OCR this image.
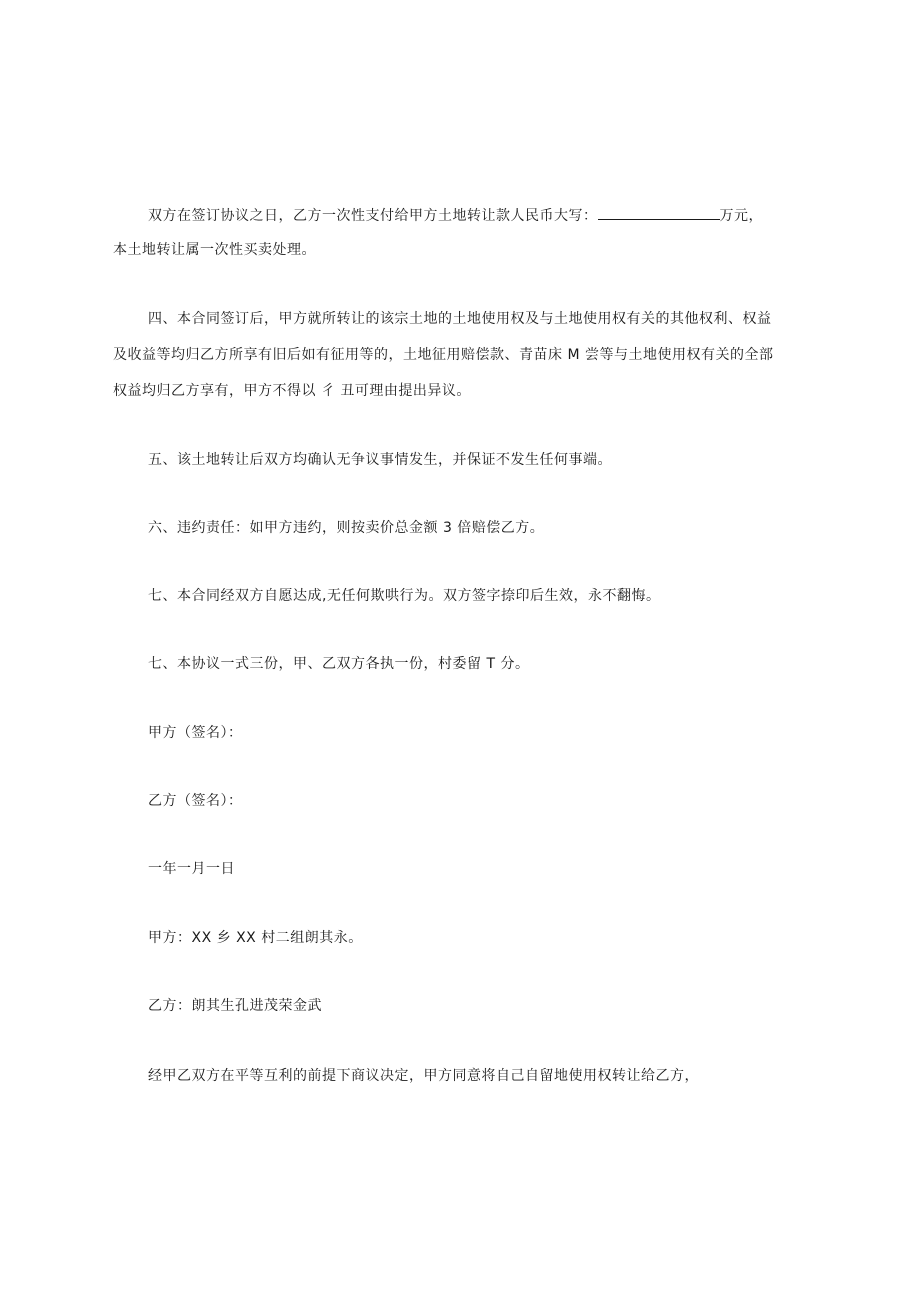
双方在签订协议之日，乙方一次性支付给甲方土地转让款人民币大写：	万元，
本土地转让属一次性买卖处理。
四、本合同签订后，甲方就所转让的该宗土地的土地使用权及与土地使用权有关的其他权利、权益
及收益等均归乙方所享有旧后如有征用等的，土地征用赔偿款、青苗床 M 尝等与土地使用权有关的全部
权益均归乙方享有，甲方不得以 彳 丑可理由提出异议。
五、该土地转让后双方均确认无争议事情发生，并保证不发生任何事端。
六、违约责任：如甲方违约，则按卖价总金额 3 倍赔偿乙方。
七、本合同经双方自愿达成,无任何欺哄行为。双方签字捺印后生效，永不翻悔。
七、本协议一式三份，甲、乙双方各执一份，村委留 T 分。
甲方（签名）：
乙方（签名）：
一年一月一日
甲方：XX 乡 XX 村二组朗其永。
乙方：朗其生孔进茂荣金武
经甲乙双方在平等互利的前提下商议决定，甲方同意将自己自留地使用权转让给乙方，
